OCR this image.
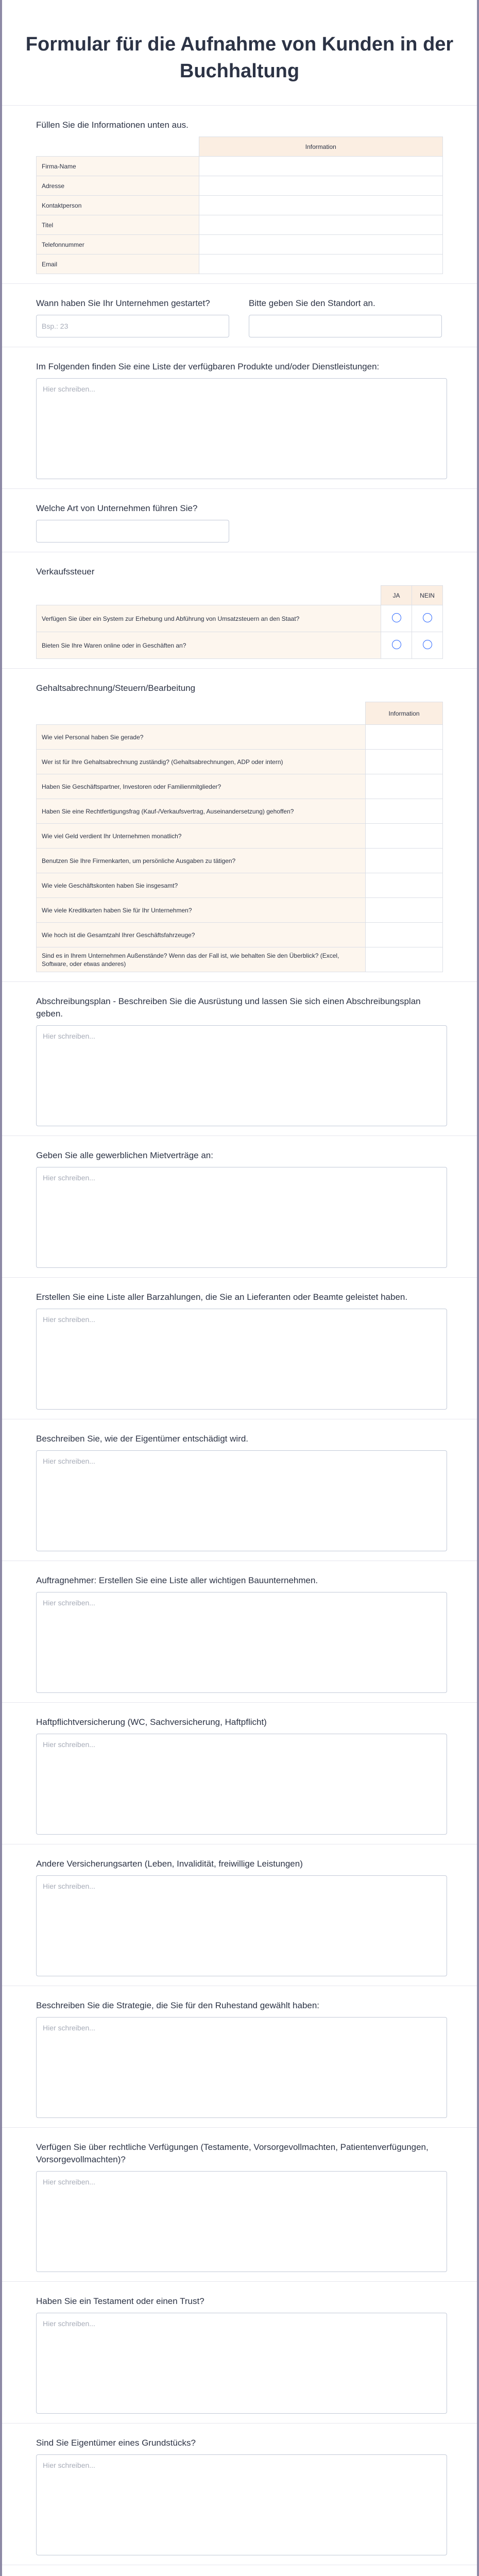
Formular für die Aufnahme von Kunden in der Buchhaltung
Füllen Sie die Informationen unten aus.
	Information
Firma-Name	
Adresse	
Kontaktperson	
Titel	
Telefonnummer	
Email	
Wann haben Sie Ihr Unternehmen gestartet?
Bsp.: 23
Bitte geben Sie den Standort an.
Im Folgenden finden Sie eine Liste der verfügbaren Produkte und/oder Dienstleistungen:
Hier schreiben...
Welche Art von Unternehmen führen Sie?
Verkaufssteuer
	JA	NEIN
Verfügen Sie über ein System zur Erhebung und Abführung von Umsatzsteuern an den Staat?		
Bieten Sie Ihre Waren online oder in Geschäften an?		
Gehaltsabrechnung/Steuern/Bearbeitung
	Information
Wie viel Personal haben Sie gerade?	
Wer ist für Ihre Gehaltsabrechnung zuständig? (Gehaltsabrechnungen, ADP oder intern)	
Haben Sie Geschäftspartner, Investoren oder Familienmitglieder?	
Haben Sie eine Rechtfertigungsfrag (Kauf-/Verkaufsvertrag, Auseinandersetzung) gehoffen?	
Wie viel Geld verdient Ihr Unternehmen monatlich?	
Benutzen Sie Ihre Firmenkarten, um persönliche Ausgaben zu tätigen?	
Wie viele Geschäftskonten haben Sie insgesamt?	
Wie viele Kreditkarten haben Sie für Ihr Unternehmen?	
Wie hoch ist die Gesamtzahl Ihrer Geschäftsfahrzeuge?	
Sind es in Ihrem Unternehmen Außenstände? Wenn das der Fall ist, wie behalten Sie den Überblick? (Excel, Software, oder etwas anderes)	
Abschreibungsplan - Beschreiben Sie die Ausrüstung und lassen Sie sich einen Abschreibungsplan geben.
Hier schreiben...
Geben Sie alle gewerblichen Mietverträge an:
Hier schreiben...
Erstellen Sie eine Liste aller Barzahlungen, die Sie an Lieferanten oder Beamte geleistet haben.
Hier schreiben...
Beschreiben Sie, wie der Eigentümer entschädigt wird.
Hier schreiben...
Auftragnehmer: Erstellen Sie eine Liste aller wichtigen Bauunternehmen.
Hier schreiben...
Haftpflichtversicherung (WC, Sachversicherung, Haftpflicht)
Hier schreiben...
Andere Versicherungsarten (Leben, Invalidität, freiwillige Leistungen)
Hier schreiben...
Beschreiben Sie die Strategie, die Sie für den Ruhestand gewählt haben:
Hier schreiben...
Verfügen Sie über rechtliche Verfügungen (Testamente, Vorsorgevollmachten, Patientenverfügungen, Vorsorgevollmachten)?
Hier schreiben...
Haben Sie ein Testament oder einen Trust?
Hier schreiben...
Sind Sie Eigentümer eines Grundstücks?
Hier schreiben...
